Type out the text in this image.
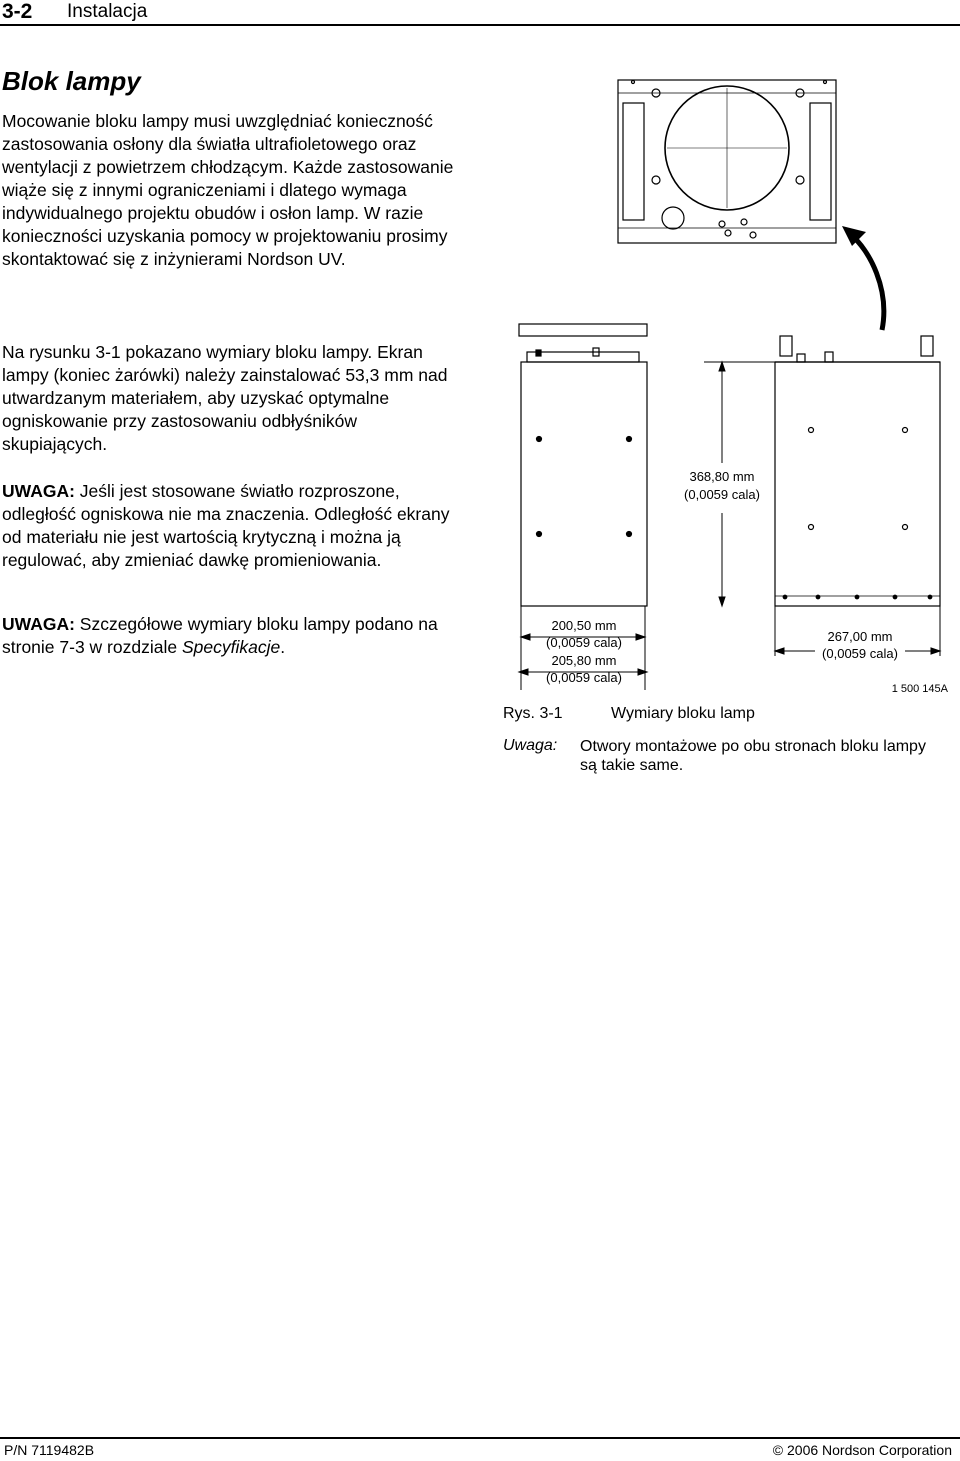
3-2 Instalacja
Blok lampy
Mocowanie bloku lampy musi uwzględniać konieczność zastosowania osłony dla światła ultrafioletowego oraz wentylacji z powietrzem chłodzącym. Każde zastosowanie wiąże się z innymi ograniczeniami i dlatego wymaga indywidualnego projektu obudów i osłon lamp. W razie konieczności uzyskania pomocy w projektowaniu prosimy skontaktować się z inżynierami Nordson UV.
Na rysunku 3-1 pokazano wymiary bloku lampy. Ekran lampy (koniec żarówki) należy zainstalować 53,3 mm nad utwardzanym materiałem, aby uzyskać optymalne ogniskowanie przy zastosowaniu odbłyśników skupiających.
UWAGA: Jeśli jest stosowane światło rozproszone, odległość ogniskowa nie ma znaczenia. Odległość ekrany od materiału nie jest wartością krytyczną i można ją regulować, aby zmieniać dawkę promieniowania.
UWAGA: Szczegółowe wymiary bloku lampy podano na stronie 7-3 w rozdziale Specyfikacje.
368,80 mm
(0,0059 cala)
200,50 mm
(0,0059 cala)
205,80 mm
(0,0059 cala)
267,00 mm
(0,0059 cala)
1 500 145A
Rys. 3-1	Wymiary bloku lamp
Uwaga: Otwory montażowe po obu stronach bloku lampy są takie same.
P/N 7119482B	© 2006 Nordson Corporation
